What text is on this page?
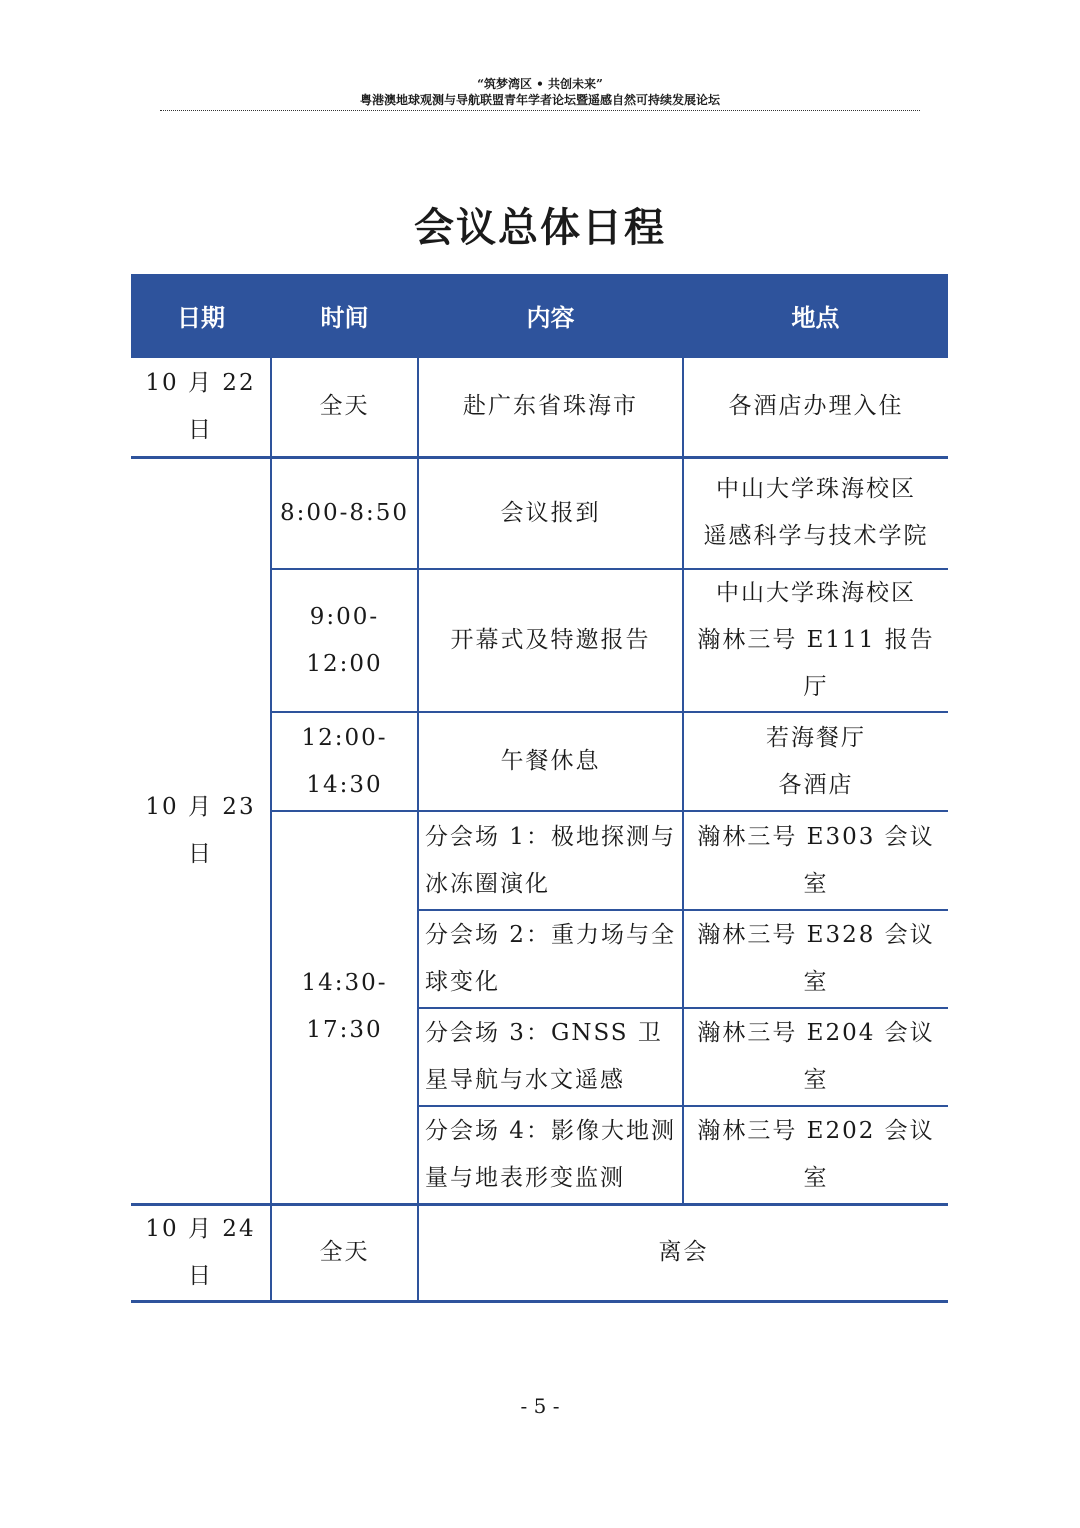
“筑梦湾区 • 共创未来”
粤港澳地球观测与导航联盟青年学者论坛暨遥感自然可持续发展论坛
会议总体日程
日期	时间	内容	地点
10 月 22 日	全天	赴广东省珠海市	各酒店办理入住
10 月 23 日	8:00-8:50	会议报到	中山大学珠海校区
遥感科学与技术学院

	9:00-12:00	开幕式及特邀报告	中山大学珠海校区
瀚林三号 E111 报告厅

	12:00-14:30	午餐休息	若海餐厅
各酒店

	14:30-17:30	分会场 1：极地探测与冰冻圈演化	瀚林三号 E303 会议室
		分会场 2：重力场与全球变化	瀚林三号 E328 会议室
		分会场 3：GNSS 卫星导航与水文遥感	瀚林三号 E204 会议室
		分会场 4：影像大地测量与地表形变监测	瀚林三号 E202 会议室
10 月 24 日	全天	离会	
- 5 -
